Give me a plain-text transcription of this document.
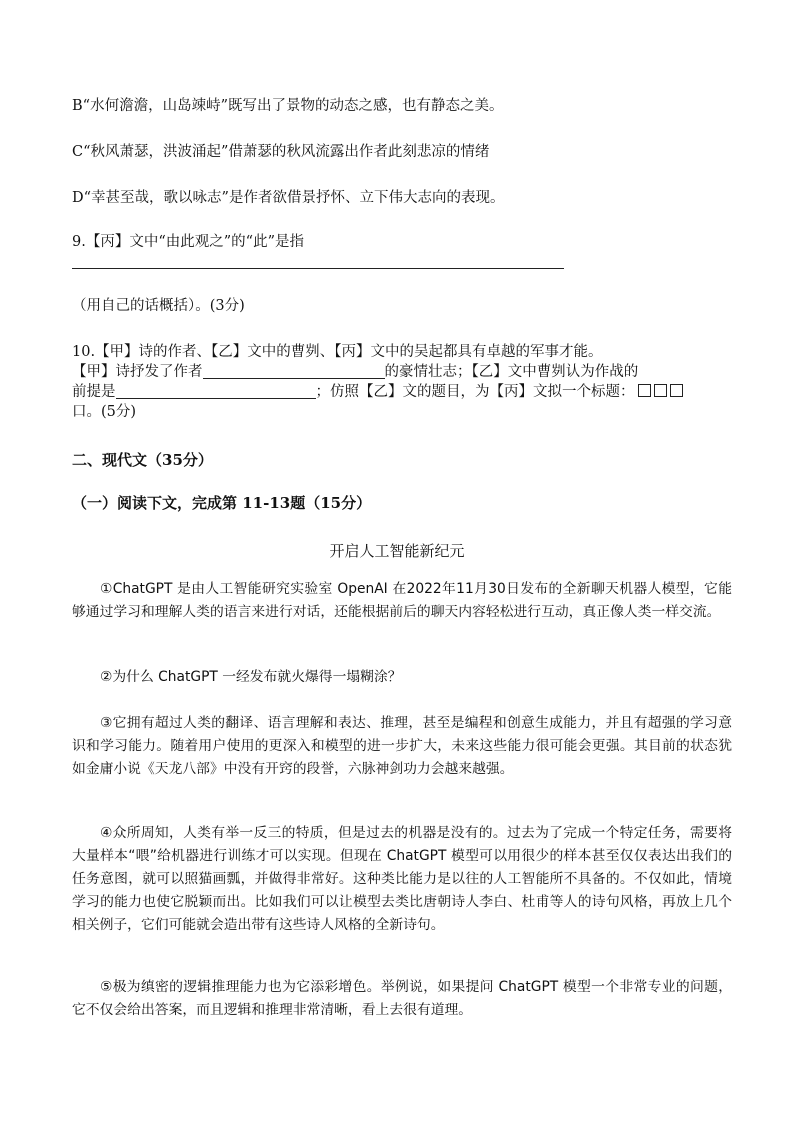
B“水何澹澹，山岛竦峙”既写出了景物的动态之感，也有静态之美。
C“秋风萧瑟，洪波涌起”借萧瑟的秋风流露出作者此刻悲凉的情绪
D“幸甚至哉，歌以咏志”是作者欲借景抒怀、立下伟大志向的表现。
9.【丙】文中“由此观之”的“此”是指
（用自己的话概括）。(3分)
10.【甲】诗的作者、【乙】文中的曹刿、【丙】文中的吴起都具有卓越的军事才能。
【甲】诗抒发了作者	的豪情壮志；【乙】文中曹刿认为作战的
前提是	；仿照【乙】文的题目，为【丙】文拟一个标题：
口。(5分)
二、现代文（35分）
（一）阅读下文，完成第 11-13题（15分）
开启人工智能新纪元
①ChatGPT 是由人工智能研究实验室 OpenAI 在2022年11月30日发布的全新聊天机器人模型，它能够通过学习和理解人类的语言来进行对话，还能根据前后的聊天内容轻松进行互动，真正像人类一样交流。
②为什么 ChatGPT 一经发布就火爆得一塌糊涂？
③它拥有超过人类的翻译、语言理解和表达、推理，甚至是编程和创意生成能力，并且有超强的学习意识和学习能力。随着用户使用的更深入和模型的进一步扩大，未来这些能力很可能会更强。其目前的状态犹如金庸小说《天龙八部》中没有开窍的段誉，六脉神剑功力会越来越强。
④众所周知，人类有举一反三的特质，但是过去的机器是没有的。过去为了完成一个特定任务，需要将大量样本“喂”给机器进行训练才可以实现。但现在 ChatGPT 模型可以用很少的样本甚至仅仅表达出我们的任务意图，就可以照猫画瓢，并做得非常好。这种类比能力是以往的人工智能所不具备的。不仅如此，情境学习的能力也使它脱颖而出。比如我们可以让模型去类比唐朝诗人李白、杜甫等人的诗句风格，再放上几个相关例子，它们可能就会造出带有这些诗人风格的全新诗句。
⑤极为缜密的逻辑推理能力也为它添彩增色。举例说，如果提问 ChatGPT 模型一个非常专业的问题，它不仅会给出答案，而且逻辑和推理非常清晰，看上去很有道理。
